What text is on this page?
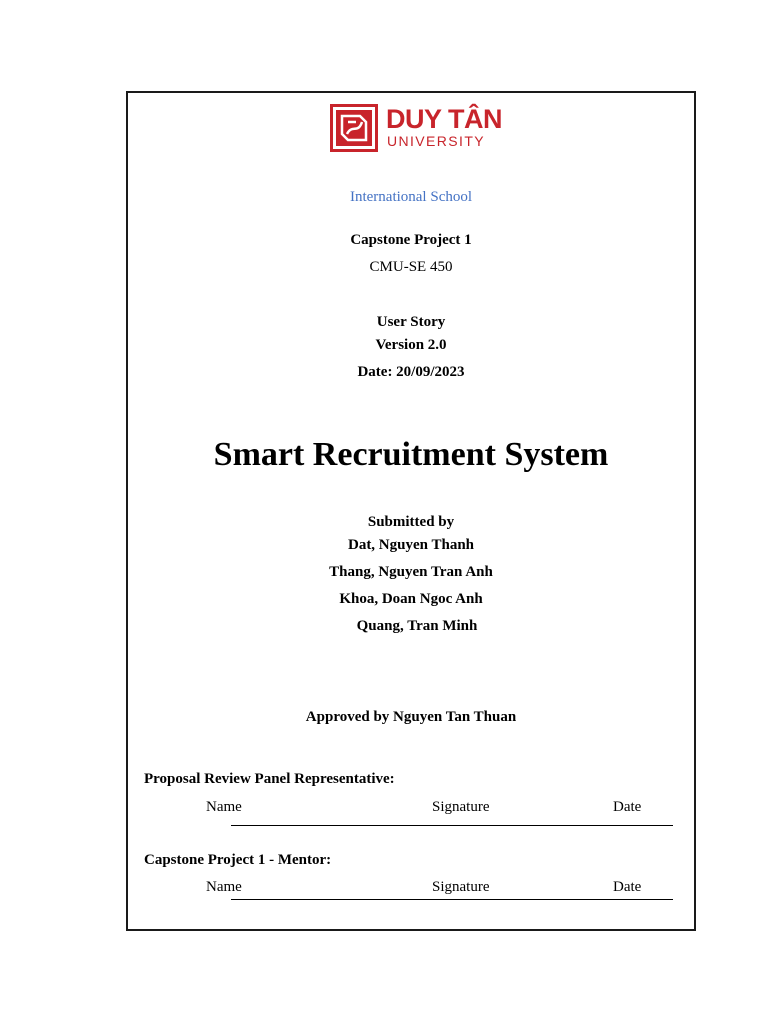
DUY TÂN
UNIVERSITY
International School
Capstone Project 1
CMU-SE 450
User Story
Version 2.0
Date: 20/09/2023
Smart Recruitment System
Submitted by
Dat, Nguyen Thanh
Thang, Nguyen Tran Anh
Khoa, Doan Ngoc Anh
Quang, Tran Minh
Approved by Nguyen Tan Thuan
Proposal Review Panel Representative:
Name	Signature	Date
Capstone Project 1 - Mentor:
Name	Signature	Date
